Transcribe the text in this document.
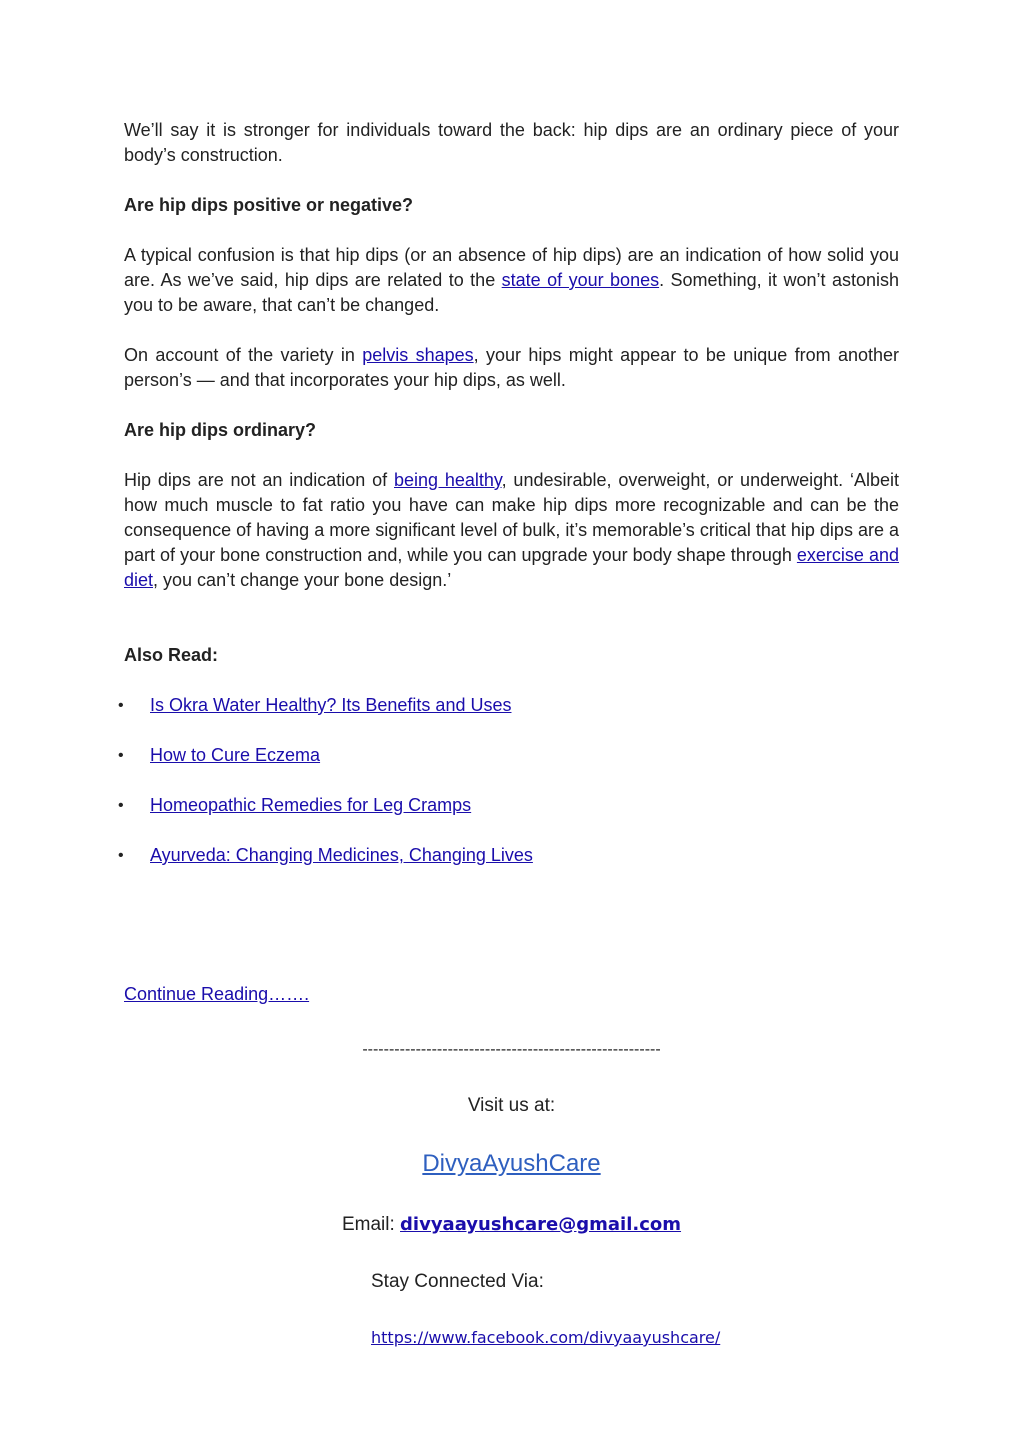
We’ll say it is stronger for individuals toward the back: hip dips are an ordinary piece of your body’s construction.
Are hip dips positive or negative?
A typical confusion is that hip dips (or an absence of hip dips) are an indication of how solid you are. As we’ve said, hip dips are related to the state of your bones. Something, it won’t astonish you to be aware, that can’t be changed.
On account of the variety in pelvis shapes, your hips might appear to be unique from another person’s — and that incorporates your hip dips, as well.
Are hip dips ordinary?
Hip dips are not an indication of being healthy, undesirable, overweight, or underweight. ‘Albeit how much muscle to fat ratio you have can make hip dips more recognizable and can be the consequence of having a more significant level of bulk, it’s memorable’s critical that hip dips are a part of your bone construction and, while you can upgrade your body shape through exercise and diet, you can’t change your bone design.’
Also Read:
•	Is Okra Water Healthy? Its Benefits and Uses
•	How to Cure Eczema
•	Homeopathic Remedies for Leg Cramps
•	Ayurveda: Changing Medicines, Changing Lives
Continue Reading…….
--------------------------------------------------------
Visit us at:
DivyaAyushCare
Email: divyaayushcare@gmail.com
Stay Connected Via:
https://www.facebook.com/divyaayushcare/
